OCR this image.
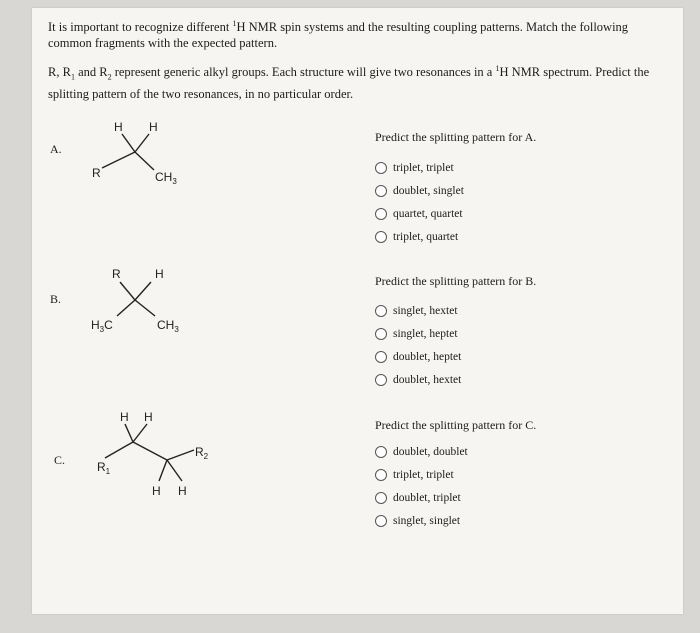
It is important to recognize different $^1$H NMR spin systems and the resulting coupling patterns. Match the following common fragments with the expected pattern.

R, $R_1$ and $R_2$ represent generic alkyl groups. Each structure will give two resonances in a $^1$H NMR spectrum. Predict the splitting pattern of the two resonances, in no particular order.

A.
H H
R	$CH_3$
Predict the splitting pattern for A.
triplet, triplet
doublet, singlet
quartet, quartet
triplet, quartet
B.
R	H
$H_3C$	$CH_3$
Predict the splitting pattern for B.
singlet, hextet
singlet, heptet
doublet, heptet
doublet, hextet
C.
H H
$R_1$
$R_2$
H H
Predict the splitting pattern for C.
doublet, doublet
triplet, triplet
doublet, triplet
singlet, singlet
